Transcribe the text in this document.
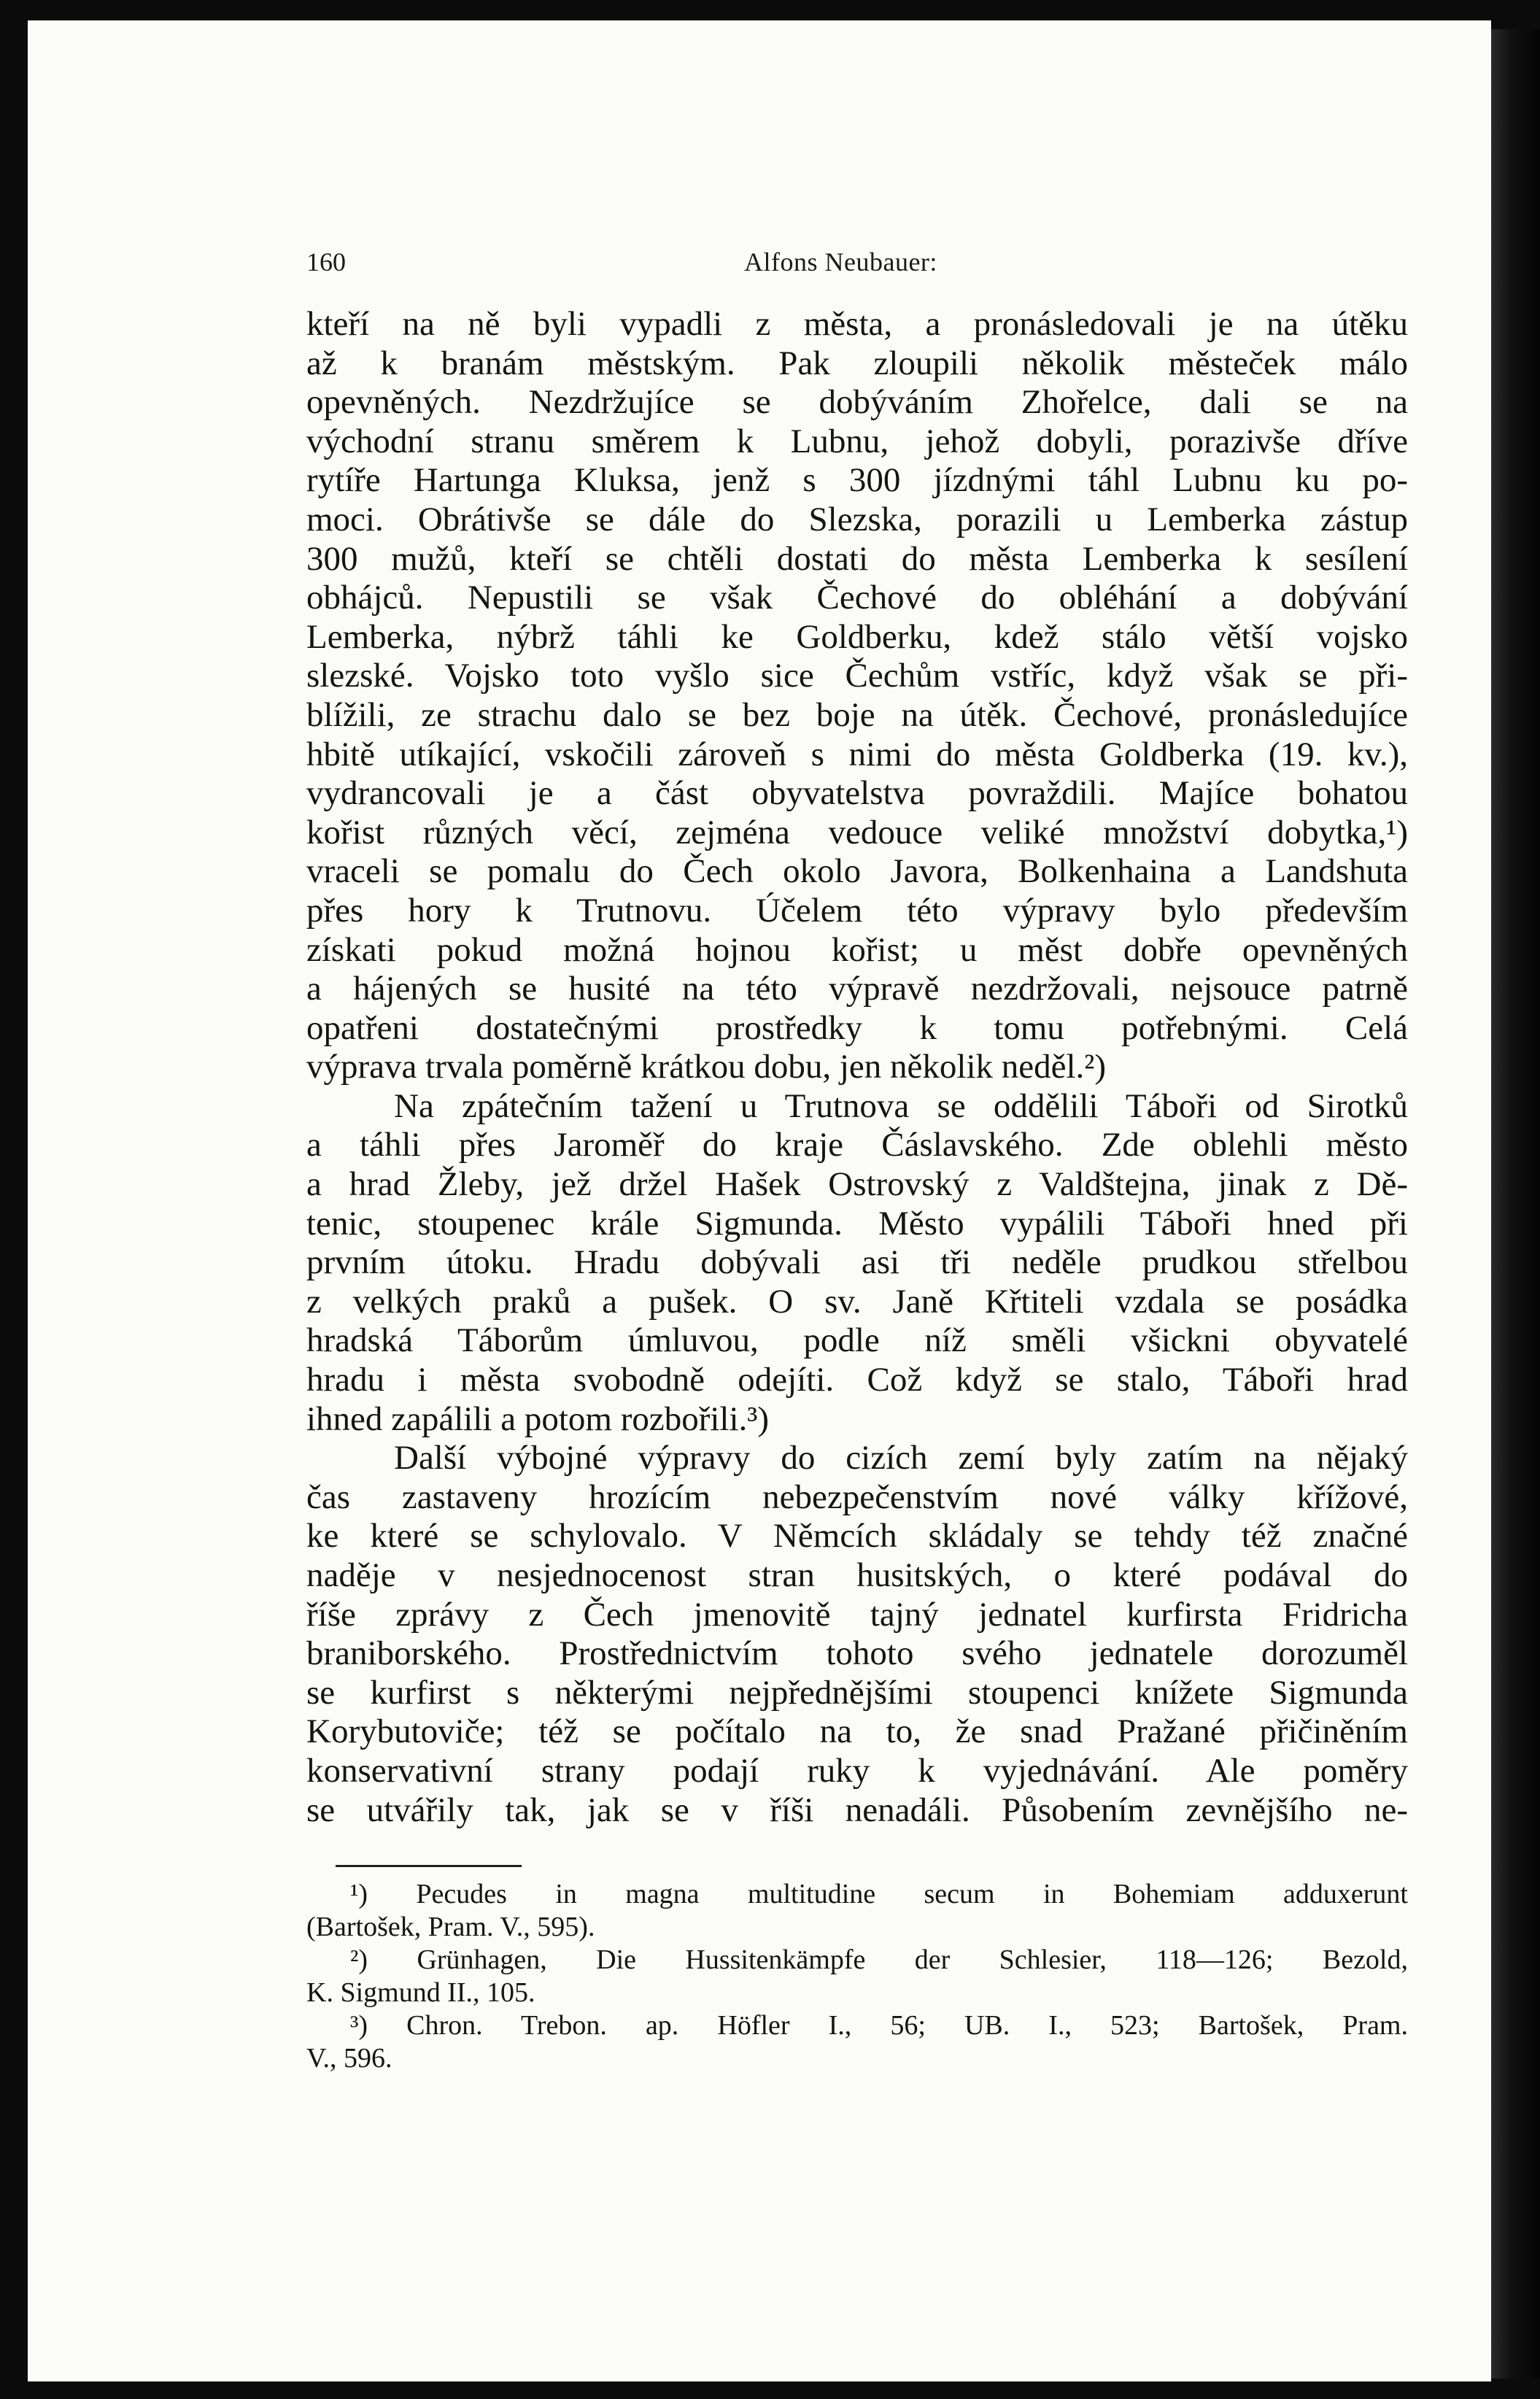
160	Alfons Neubauer:
kteří na ně byli vypadli z města, a pronásledovali je na útěku
až k branám městským. Pak zloupili několik městeček málo
opevněných. Nezdržujíce se dobýváním Zhořelce, dali se na
východní stranu směrem k Lubnu, jehož dobyli, porazivše dříve
rytíře Hartunga Kluksa, jenž s 300 jízdnými táhl Lubnu ku po-
moci. Obrátivše se dále do Slezska, porazili u Lemberka zástup
300 mužů, kteří se chtěli dostati do města Lemberka k sesílení
obhájců. Nepustili se však Čechové do obléhání a dobývání
Lemberka, nýbrž táhli ke Goldberku, kdež stálo větší vojsko
slezské. Vojsko toto vyšlo sice Čechům vstříc, když však se při-
blížili, ze strachu dalo se bez boje na útěk. Čechové, pronásledujíce
hbitě utíkající, vskočili zároveň s nimi do města Goldberka (19. kv.),
vydrancovali je a část obyvatelstva povraždili. Majíce bohatou
kořist různých věcí, zejména vedouce veliké množství dobytka,¹)
vraceli se pomalu do Čech okolo Javora, Bolkenhaina a Landshuta
přes hory k Trutnovu. Účelem této výpravy bylo především
získati pokud možná hojnou kořist; u měst dobře opevněných
a hájených se husité na této výpravě nezdržovali, nejsouce patrně
opatřeni dostatečnými prostředky k tomu potřebnými. Celá
výprava trvala poměrně krátkou dobu, jen několik neděl.²)
Na zpátečním tažení u Trutnova se oddělili Táboři od Sirotků
a táhli přes Jaroměř do kraje Čáslavského. Zde oblehli město
a hrad Žleby, jež držel Hašek Ostrovský z Valdštejna, jinak z Dě-
tenic, stoupenec krále Sigmunda. Město vypálili Táboři hned při
prvním útoku. Hradu dobývali asi tři neděle prudkou střelbou
z velkých praků a pušek. O sv. Janě Křtiteli vzdala se posádka
hradská Táborům úmluvou, podle níž směli všicknі obyvatelé
hradu i města svobodně odejíti. Což když se stalo, Táboři hrad
ihned zapálili a potom rozbořili.³)
Další výbojné výpravy do cizích zemí byly zatím na nějaký
čas zastaveny hrozícím nebezpečenstvím nové války křížové,
ke které se schylovalo. V Němcích skládaly se tehdy též značné
naděje v nesjednocenost stran husitských, o které podával do
říše zprávy z Čech jmenovitě tajný jednatel kurfirsta Fridricha
braniborského. Prostřednictvím tohoto svého jednatele dorozuměl
se kurfirst s některými nejpřednějšími stoupenci knížete Sigmunda
Korybutoviče; též se počítalo na to, že snad Pražané přičiněním
konservativní strany podají ruky k vyjednávání. Ale poměry
se utvářily tak, jak se v říši nenadáli. Působením zevnějšího ne-
¹) Pecudes in magna multitudine secum in Bohemiam adduxerunt
(Bartošek, Pram. V., 595).
²) Grünhagen, Die Hussitenkämpfe der Schlesier, 118—126; Bezold,
K. Sigmund II., 105.
³) Chron. Trebon. ap. Höfler I., 56; UB. I., 523; Bartošek, Pram.
V., 596.
